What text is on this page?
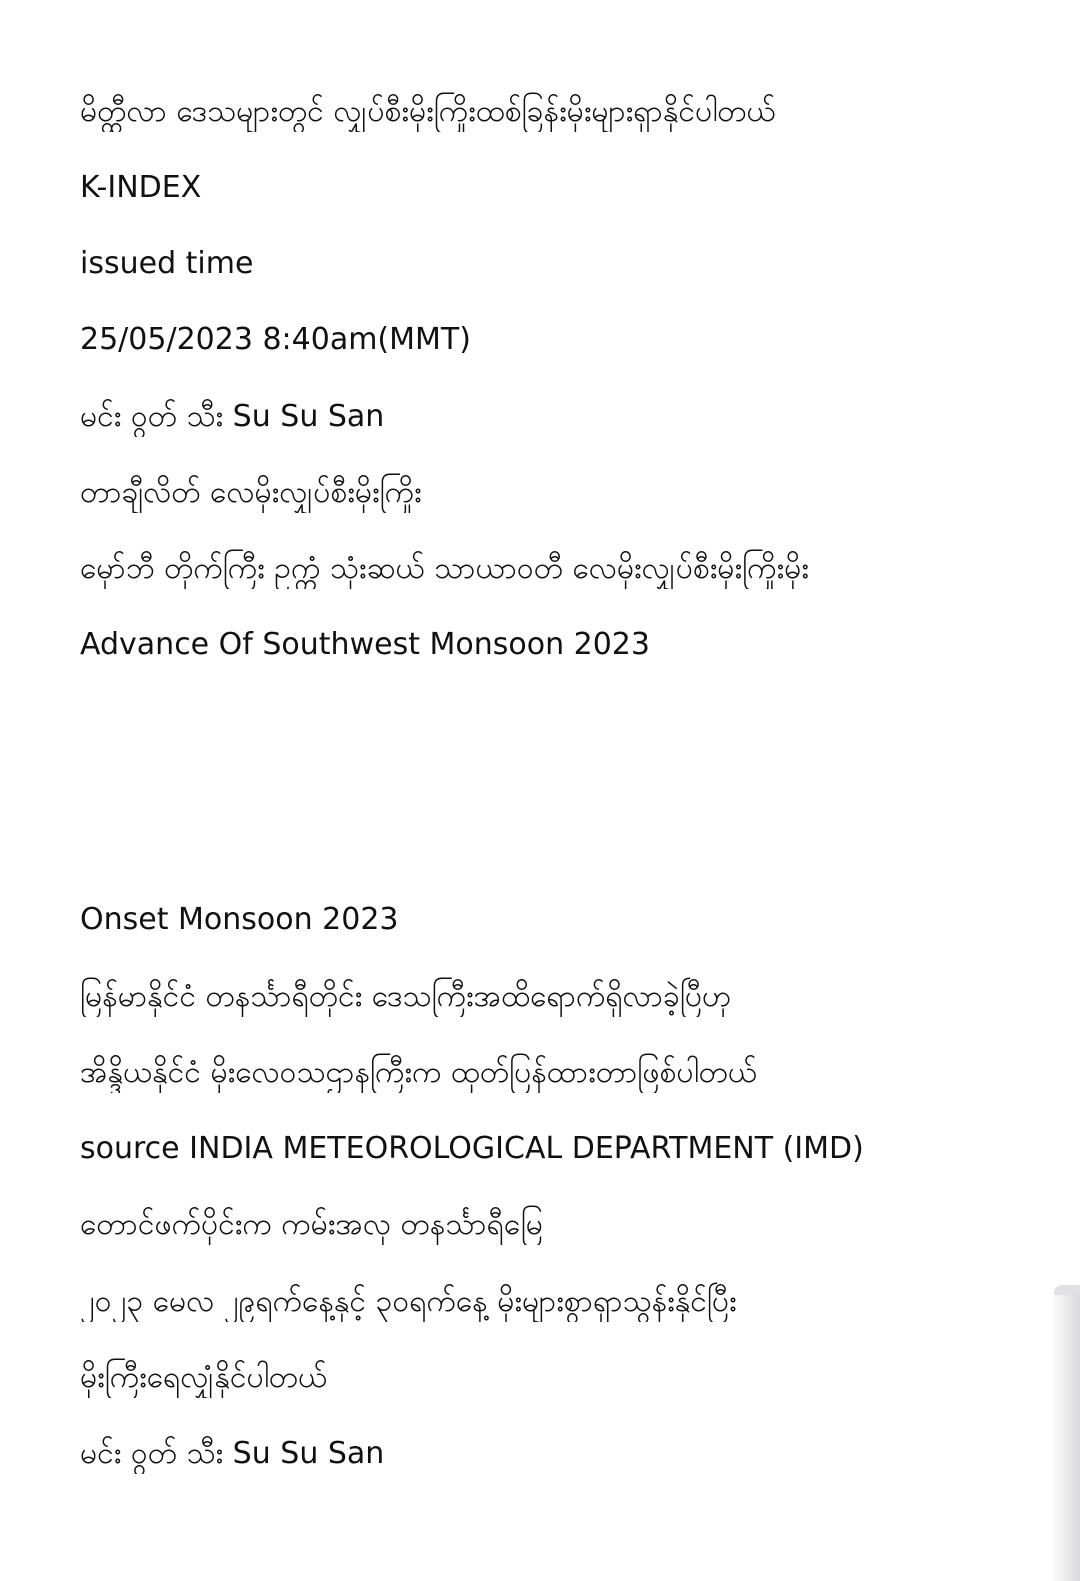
မိတ္ထီလာ ဒေသများတွင် လျှပ်စီးမိုးကြိုးထစ်ခြန်းမိုးများရှာနိုင်ပါတယ်
K-INDEX
issued time
25/05/2023 8:40am(MMT)
မင်း ဝွတ် သီး Su Su San
တာချီလိတ် လေမိုးလျှပ်စီးမိုးကြိုး
မှော်ဘီ တိုက်ကြီး ဥက္ကံ သုံးဆယ် သာယာဝတီ လေမိုးလျှပ်စီးမိုးကြိုးမိုး
Advance Of Southwest Monsoon 2023
Onset Monsoon 2023
မြန်မာနိုင်ငံ တနင်္သာရီတိုင်း ဒေသကြီးအထိရောက်ရှိလာခဲ့ပြီဟု
အိန္ဒိယနိုင်ငံ မိုးလေဝသဌာနကြီးက ထုတ်ပြန်ထားတာဖြစ်ပါတယ်
source INDIA METEOROLOGICAL DEPARTMENT (IMD)
တောင်ဖက်ပိုင်းက ကမ်းအလှ တနင်္သာရီမြေ
၂၀၂၃ မေလ ၂၉ရက်နေ့နှင့် ၃၀ရက်နေ့ မိုးများစွာရှာသွန်းနိုင်ပြီး
မိုးကြီးရေလျှံနိုင်ပါတယ်
မင်း ဝွတ် သီး Su Su San
